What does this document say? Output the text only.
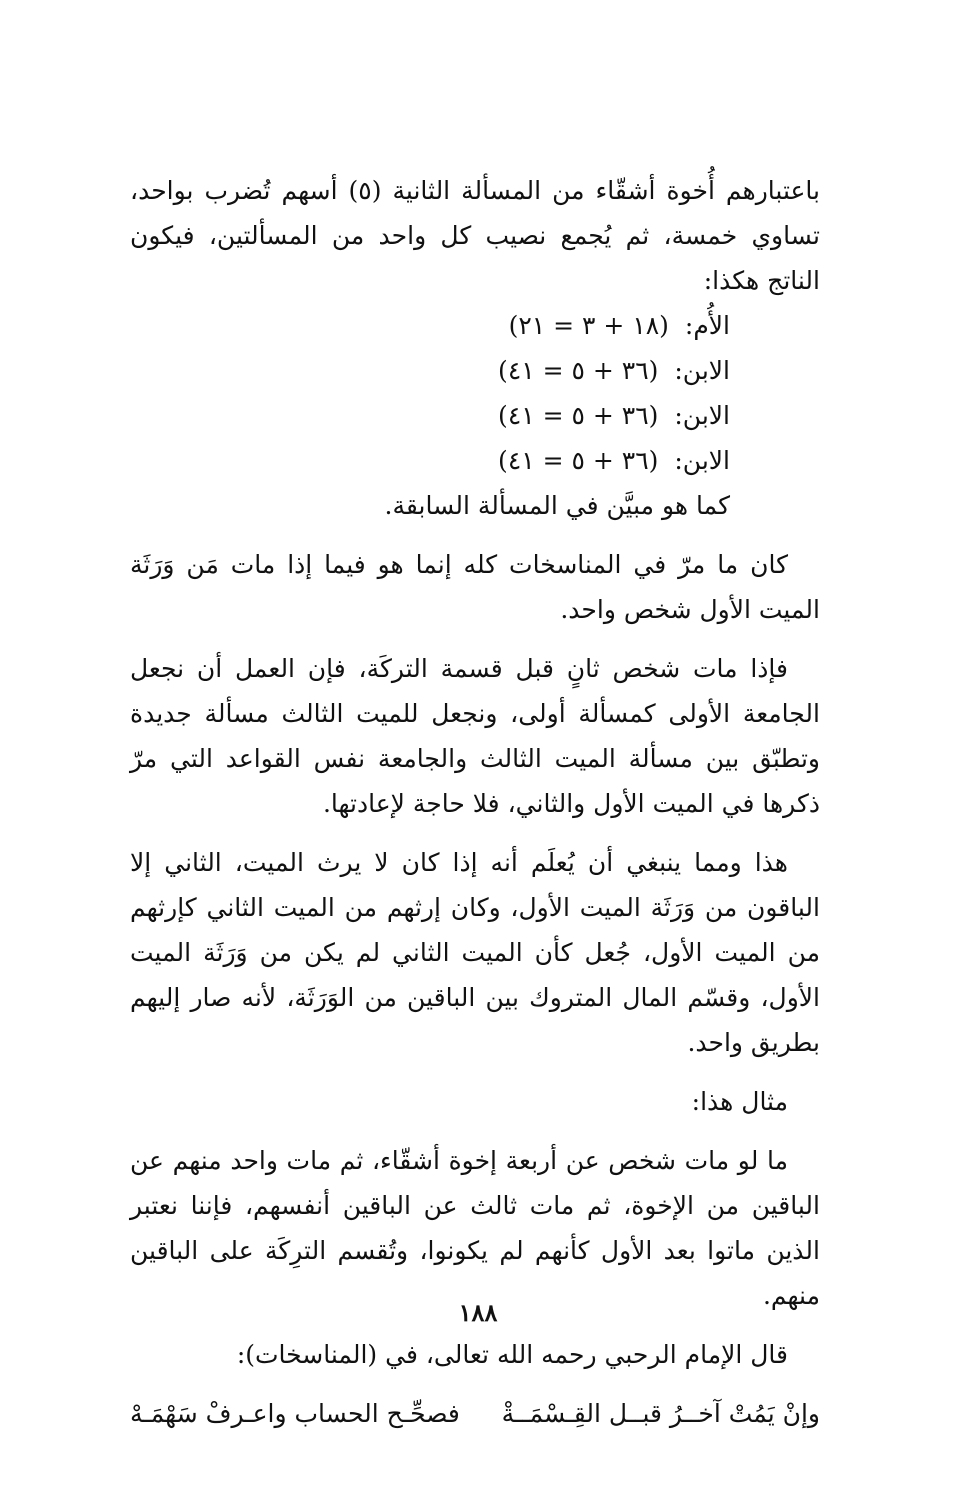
باعتبارهم أُخوة أشقّاء من المسألة الثانية (٥) أسهم تُضرب بواحد، تساوي خمسة، ثم يُجمع نصيب كل واحد من المسألتين، فيكون الناتج هكذا:

الأُم: (١٨ + ٣ = ٢١)
الابن: (٣٦ + ٥ = ٤١)
الابن: (٣٦ + ٥ = ٤١)
الابن: (٣٦ + ٥ = ٤١)
كما هو مبيَّن في المسألة السابقة.

كان ما مرّ في المناسخات كله إنما هو فيما إذا مات مَن وَرَثَة الميت الأول شخص واحد.

فإذا مات شخص ثانٍ قبل قسمة التركَة، فإن العمل أن نجعل الجامعة الأولى كمسألة أولى، ونجعل للميت الثالث مسألة جديدة وتطبّق بين مسألة الميت الثالث والجامعة نفس القواعد التي مرّ ذكرها في الميت الأول والثاني، فلا حاجة لإعادتها.

هذا ومما ينبغي أن يُعلَم أنه إذا كان لا يرث الميت، الثاني إلا الباقون من وَرَثَة الميت الأول، وكان إرثهم من الميت الثاني كإرثهم من الميت الأول، جُعل كأن الميت الثاني لم يكن من وَرَثَة الميت الأول، وقسّم المال المتروك بين الباقين من الوَرَثَة، لأنه صار إليهم بطريق واحد.

مثال هذا:

ما لو مات شخص عن أربعة إخوة أشقّاء، ثم مات واحد منهم عن الباقين من الإخوة، ثم مات ثالث عن الباقين أنفسهم، فإننا نعتبر الذين ماتوا بعد الأول كأنهم لم يكونوا، وتُقسم الترِكَة على الباقين منهم.

قال الإمام الرحبي رحمه الله تعالى، في (المناسخات):

وإنْ يَمُتْ آخــرُ قبــل القِـسْمَــةْ
فصحِّـح الحساب واعـرفْ سَهْمَـهْ
١٨٨
